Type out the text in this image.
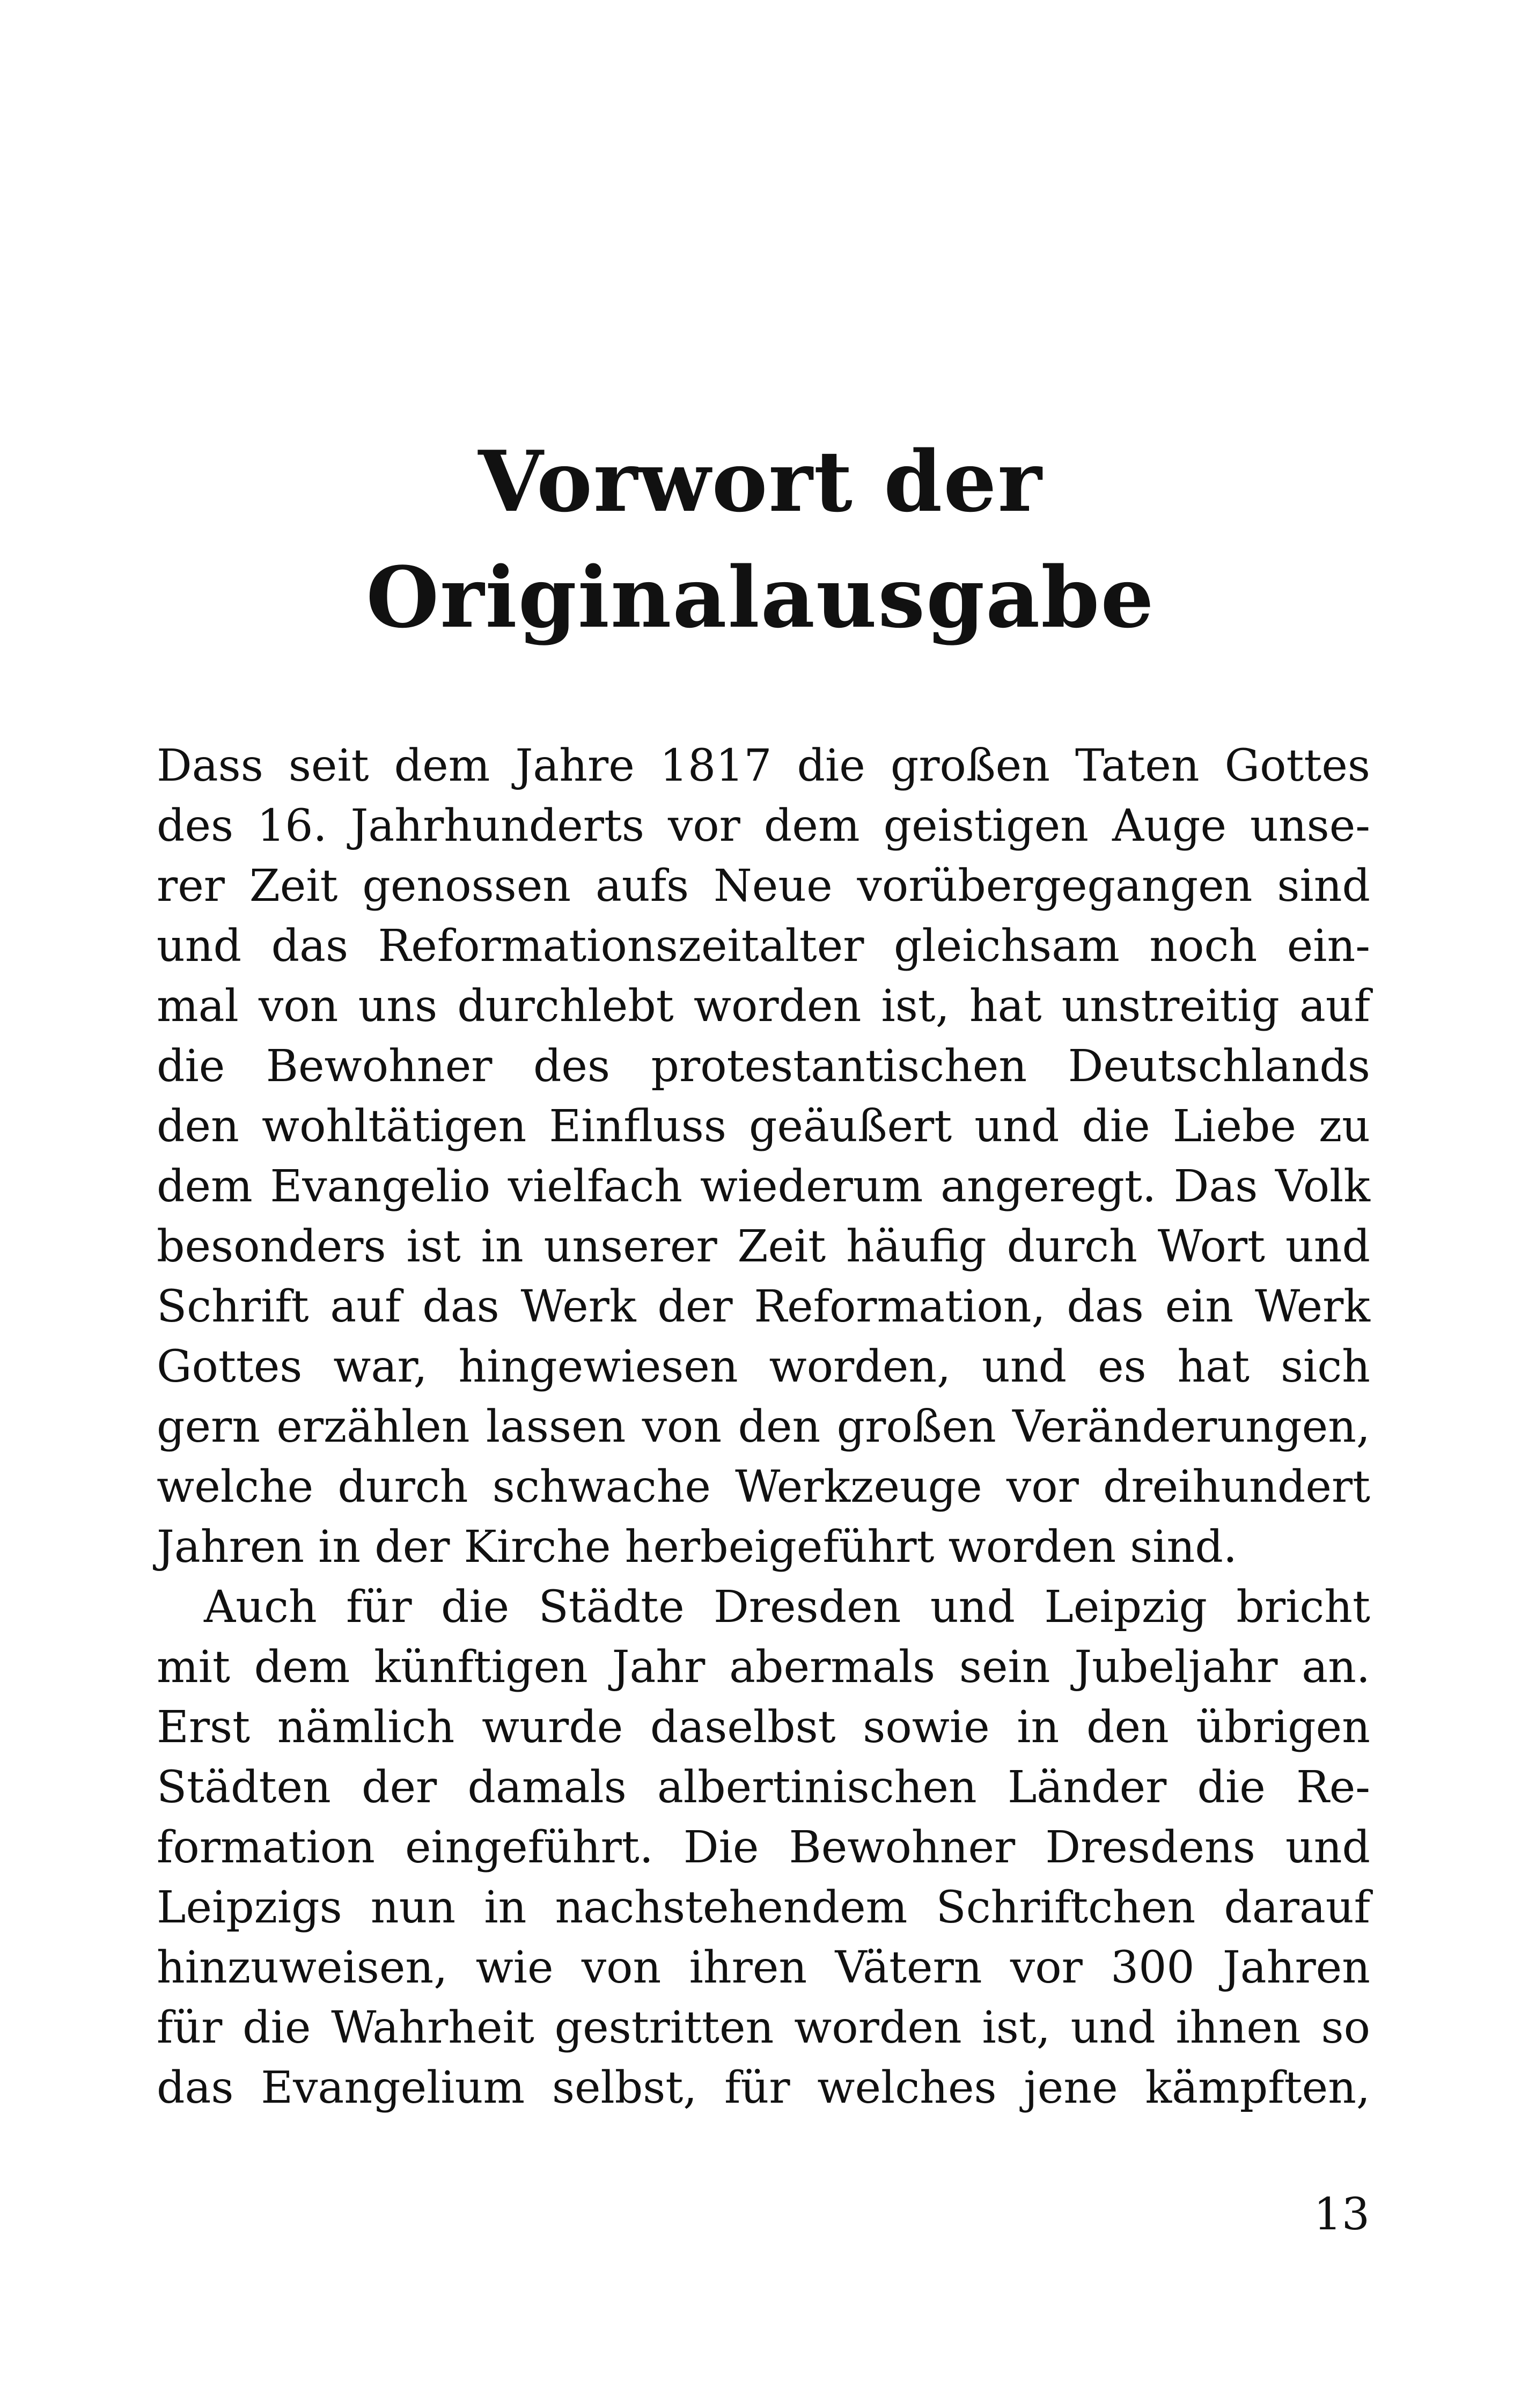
Vorwort der
Originalausgabe
Dass seit dem Jahre 1817 die großen Taten Gottes
des 16. Jahrhunderts vor dem geistigen Auge unse-
rer Zeit genossen aufs Neue vorübergegangen sind
und das Reformationszeitalter gleichsam noch ein-
mal von uns durchlebt worden ist, hat unstreitig auf
die Bewohner des protestantischen Deutschlands
den wohltätigen Einfluss geäußert und die Liebe zu
dem Evangelio vielfach wiederum angeregt. Das Volk
besonders ist in unserer Zeit häufig durch Wort und
Schrift auf das Werk der Reformation, das ein Werk
Gottes war, hingewiesen worden, und es hat sich
gern erzählen lassen von den großen Veränderungen,
welche durch schwache Werkzeuge vor dreihundert
Jahren in der Kirche herbeigeführt worden sind.
Auch für die Städte Dresden und Leipzig bricht
mit dem künftigen Jahr abermals sein Jubeljahr an.
Erst nämlich wurde daselbst sowie in den übrigen
Städten der damals albertinischen Länder die Re-
formation eingeführt. Die Bewohner Dresdens und
Leipzigs nun in nachstehendem Schriftchen darauf
hinzuweisen, wie von ihren Vätern vor 300 Jahren
für die Wahrheit gestritten worden ist, und ihnen so
das Evangelium selbst, für welches jene kämpften,
13
